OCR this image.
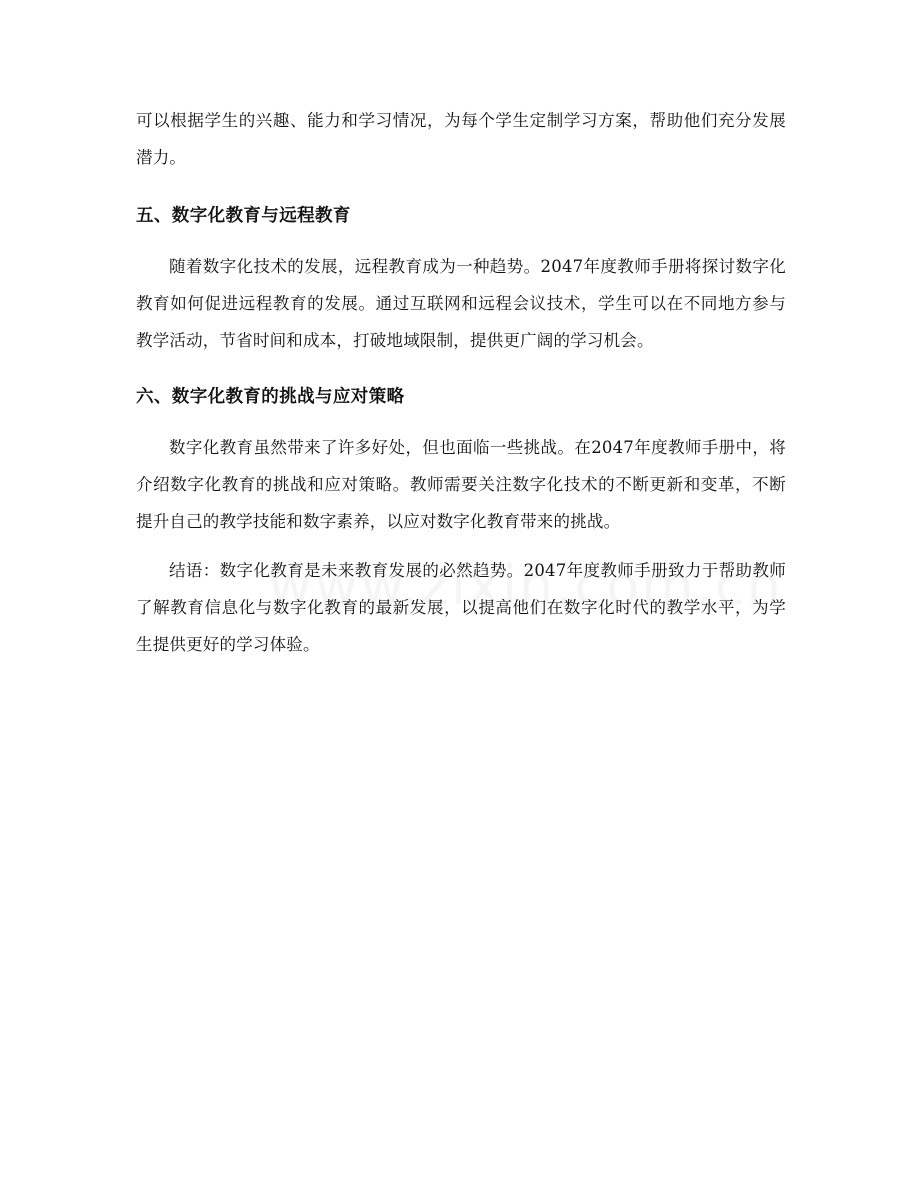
可以根据学生的兴趣、能力和学习情况，为每个学生定制学习方案，帮助他们充分发展潜力。

五、数字化教育与远程教育

随着数字化技术的发展，远程教育成为一种趋势。2047年度教师手册将探讨数字化教育如何促进远程教育的发展。通过互联网和远程会议技术，学生可以在不同地方参与教学活动，节省时间和成本，打破地域限制，提供更广阔的学习机会。

六、数字化教育的挑战与应对策略

数字化教育虽然带来了许多好处，但也面临一些挑战。在2047年度教师手册中，将介绍数字化教育的挑战和应对策略。教师需要关注数字化技术的不断更新和变革，不断提升自己的教学技能和数字素养，以应对数字化教育带来的挑战。

结语：数字化教育是未来教育发展的必然趋势。2047年度教师手册致力于帮助教师了解教育信息化与数字化教育的最新发展，以提高他们在数字化时代的教学水平，为学生提供更好的学习体验。
